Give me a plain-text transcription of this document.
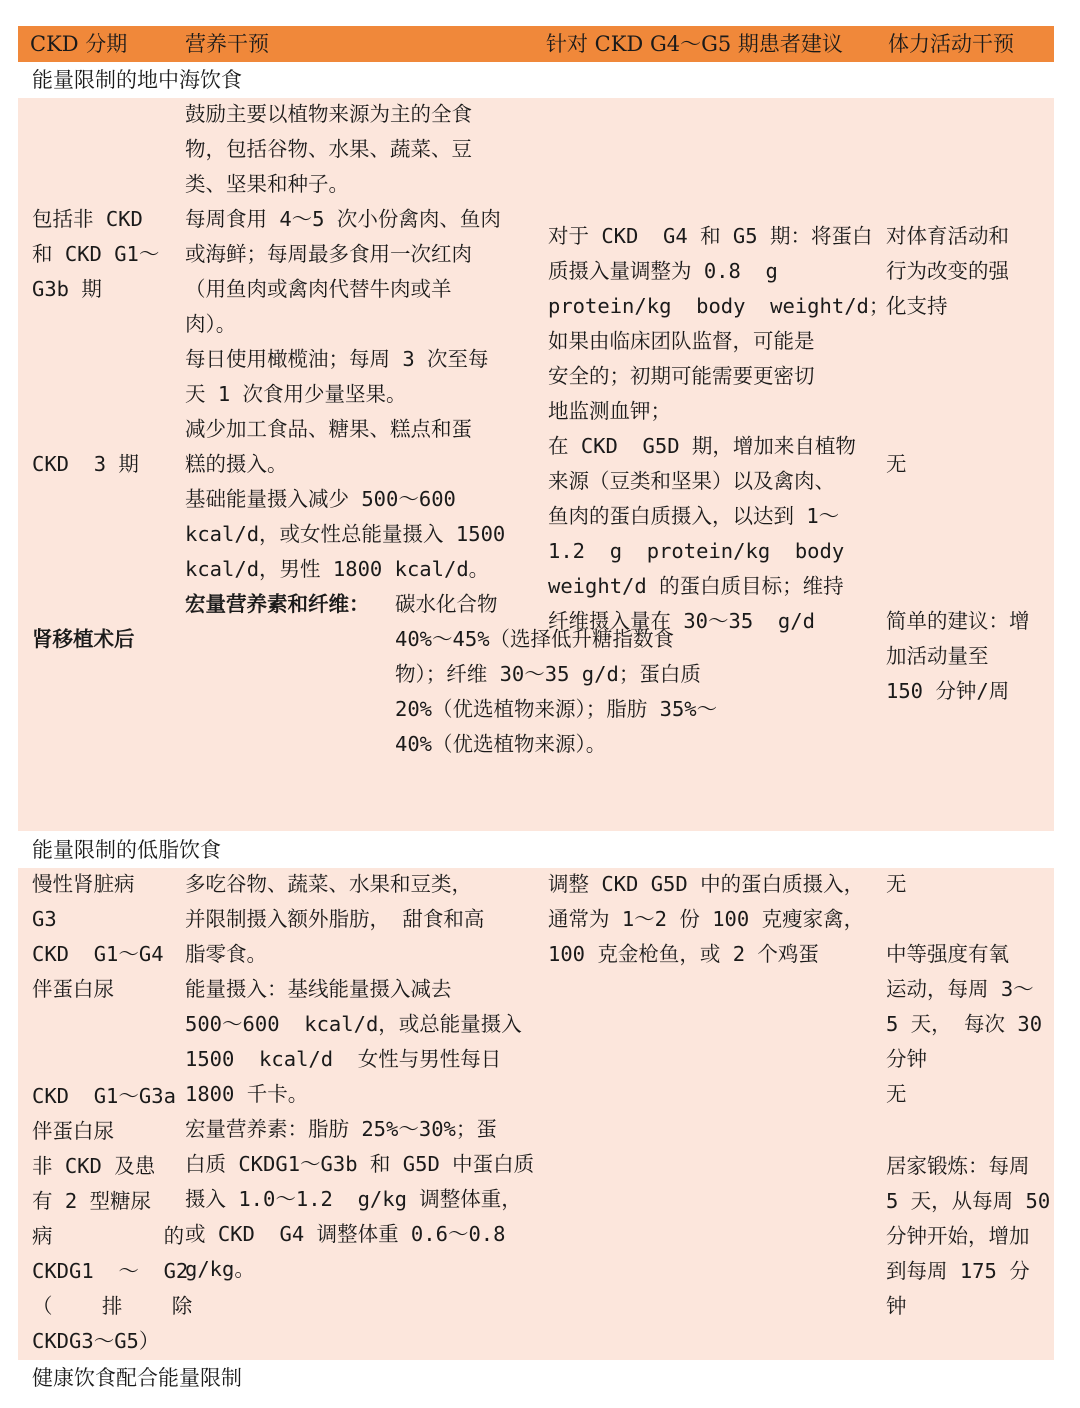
CKD 分期	营养干预	针对 CKD G4～G5 期患者建议 体力活动干预
能量限制的地中海饮食
包括非 CKD
和 CKD G1～
G3b 期
CKD  3 期
肾移植术后
鼓励主要以植物来源为主的全食
物，包括谷物、水果、蔬菜、豆
类、坚果和种子。
每周食用 4～5 次小份禽肉、鱼肉
或海鲜；每周最多食用一次红肉
（用鱼肉或禽肉代替牛肉或羊
肉）。
每日使用橄榄油；每周 3 次至每
天 1 次食用少量坚果。
减少加工食品、糖果、糕点和蛋
糕的摄入。
基础能量摄入减少 500～600
kcal/d，或女性总能量摄入 1500
kcal/d，男性 1800 kcal/d。
宏量营养素和纤维： 碳水化合物
40%～45%（选择低升糖指数食
物）；纤维 30～35 g/d；蛋白质
20%（优选植物来源）；脂肪 35%～
40%（优选植物来源）。
对于 CKD  G4 和 G5 期：将蛋白
质摄入量调整为 0.8  g
protein/kg  body  weight/d；
如果由临床团队监督，可能是
安全的；初期可能需要更密切
地监测血钾；
在 CKD  G5D 期，增加来自植物
来源（豆类和坚果）以及禽肉、
鱼肉的蛋白质摄入，以达到 1～
1.2  g  protein/kg  body
weight/d 的蛋白质目标；维持
纤维摄入量在 30～35  g/d
对体育活动和
行为改变的强
化支持
无
简单的建议：增
加活动量至
150 分钟/周
能量限制的低脂饮食
慢性肾脏病
G3
CKD  G1～G4
伴蛋白尿
CKD  G1～G3a
伴蛋白尿
非 CKD 及患
有 2 型糖尿
病         的
CKDG1  ～  G2
（    排    除
CKDG3～G5）
多吃谷物、蔬菜、水果和豆类，
并限制摄入额外脂肪， 甜食和高
脂零食。
能量摄入：基线能量摄入减去
500～600  kcal/d，或总能量摄入
1500  kcal/d  女性与男性每日
1800 千卡。
宏量营养素：脂肪 25%～30%；蛋
白质 CKDG1～G3b 和 G5D 中蛋白质
摄入 1.0～1.2  g/kg 调整体重，
或 CKD  G4 调整体重 0.6～0.8
g/kg。
调整 CKD G5D 中的蛋白质摄入，
通常为 1～2 份 100 克瘦家禽，
100 克金枪鱼，或 2 个鸡蛋
无
中等强度有氧
运动，每周 3～
5 天， 每次 30
分钟
无
居家锻炼：每周
5 天，从每周 50
分钟开始，增加
到每周 175 分
钟
健康饮食配合能量限制
